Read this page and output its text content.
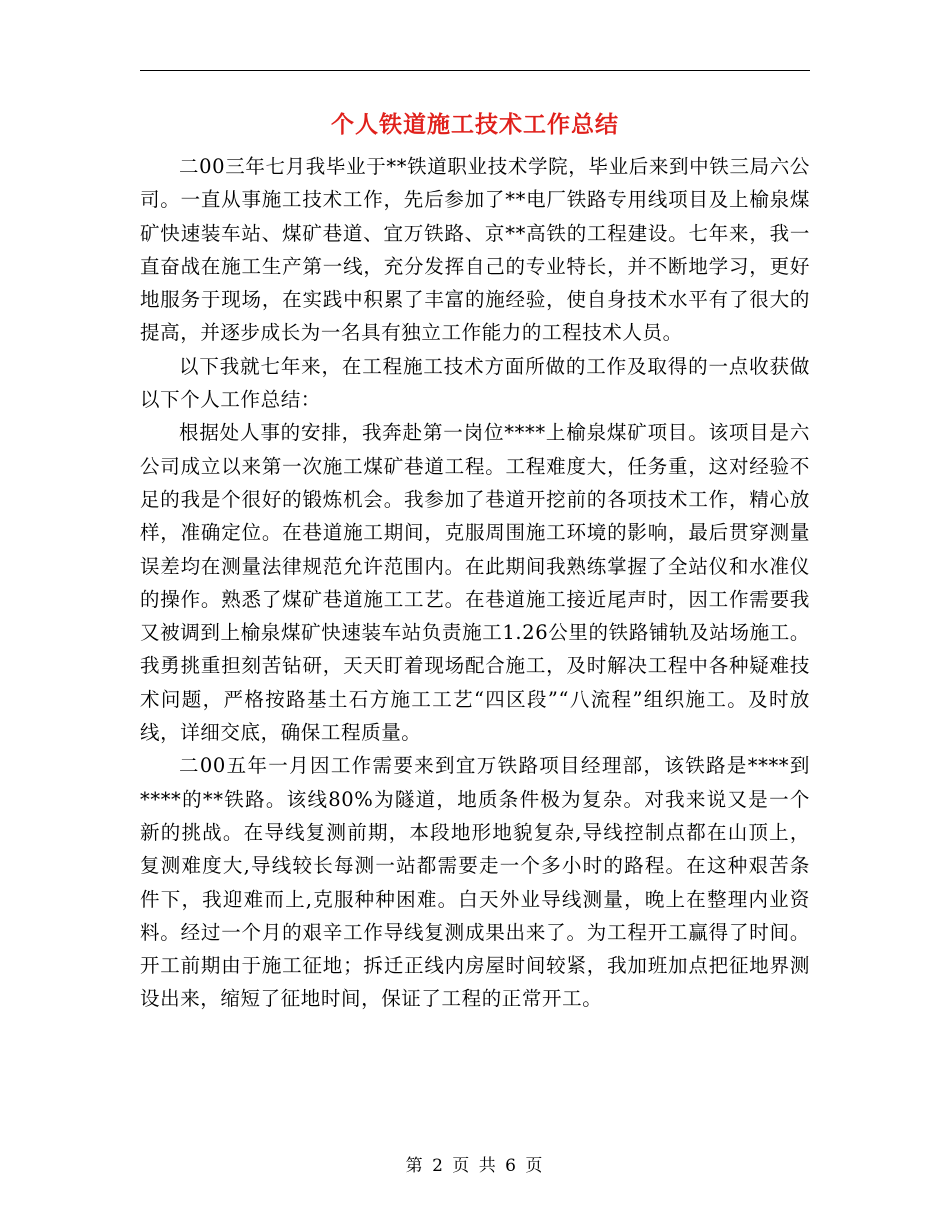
个人铁道施工技术工作总结

二00三年七月我毕业于**铁道职业技术学院，毕业后来到中铁三局六公司。一直从事施工技术工作，先后参加了**电厂铁路专用线项目及上榆泉煤矿快速装车站、煤矿巷道、宜万铁路、京**高铁的工程建设。七年来，我一直奋战在施工生产第一线，充分发挥自己的专业特长，并不断地学习，更好地服务于现场，在实践中积累了丰富的施经验，使自身技术水平有了很大的提高，并逐步成长为一名具有独立工作能力的工程技术人员。

以下我就七年来，在工程施工技术方面所做的工作及取得的一点收获做以下个人工作总结：

根据处人事的安排，我奔赴第一岗位****上榆泉煤矿项目。该项目是六公司成立以来第一次施工煤矿巷道工程。工程难度大，任务重，这对经验不足的我是个很好的锻炼机会。我参加了巷道开挖前的各项技术工作，精心放样，准确定位。在巷道施工期间，克服周围施工环境的影响，最后贯穿测量误差均在测量法律规范允许范围内。在此期间我熟练掌握了全站仪和水准仪的操作。熟悉了煤矿巷道施工工艺。在巷道施工接近尾声时，因工作需要我又被调到上榆泉煤矿快速装车站负责施工1.26公里的铁路铺轨及站场施工。我勇挑重担刻苦钻研，天天盯着现场配合施工，及时解决工程中各种疑难技术问题，严格按路基土石方施工工艺“四区段”“八流程”组织施工。及时放线，详细交底，确保工程质量。

二00五年一月因工作需要来到宜万铁路项目经理部，该铁路是****到****的**铁路。该线80%为隧道，地质条件极为复杂。对我来说又是一个新的挑战。在导线复测前期，本段地形地貌复杂,导线控制点都在山顶上，复测难度大,导线较长每测一站都需要走一个多小时的路程。在这种艰苦条件下，我迎难而上,克服种种困难。白天外业导线测量，晚上在整理内业资料。经过一个月的艰辛工作导线复测成果出来了。为工程开工赢得了时间。开工前期由于施工征地；拆迁正线内房屋时间较紧，我加班加点把征地界测设出来，缩短了征地时间，保证了工程的正常开工。

第 2 页 共 6 页
